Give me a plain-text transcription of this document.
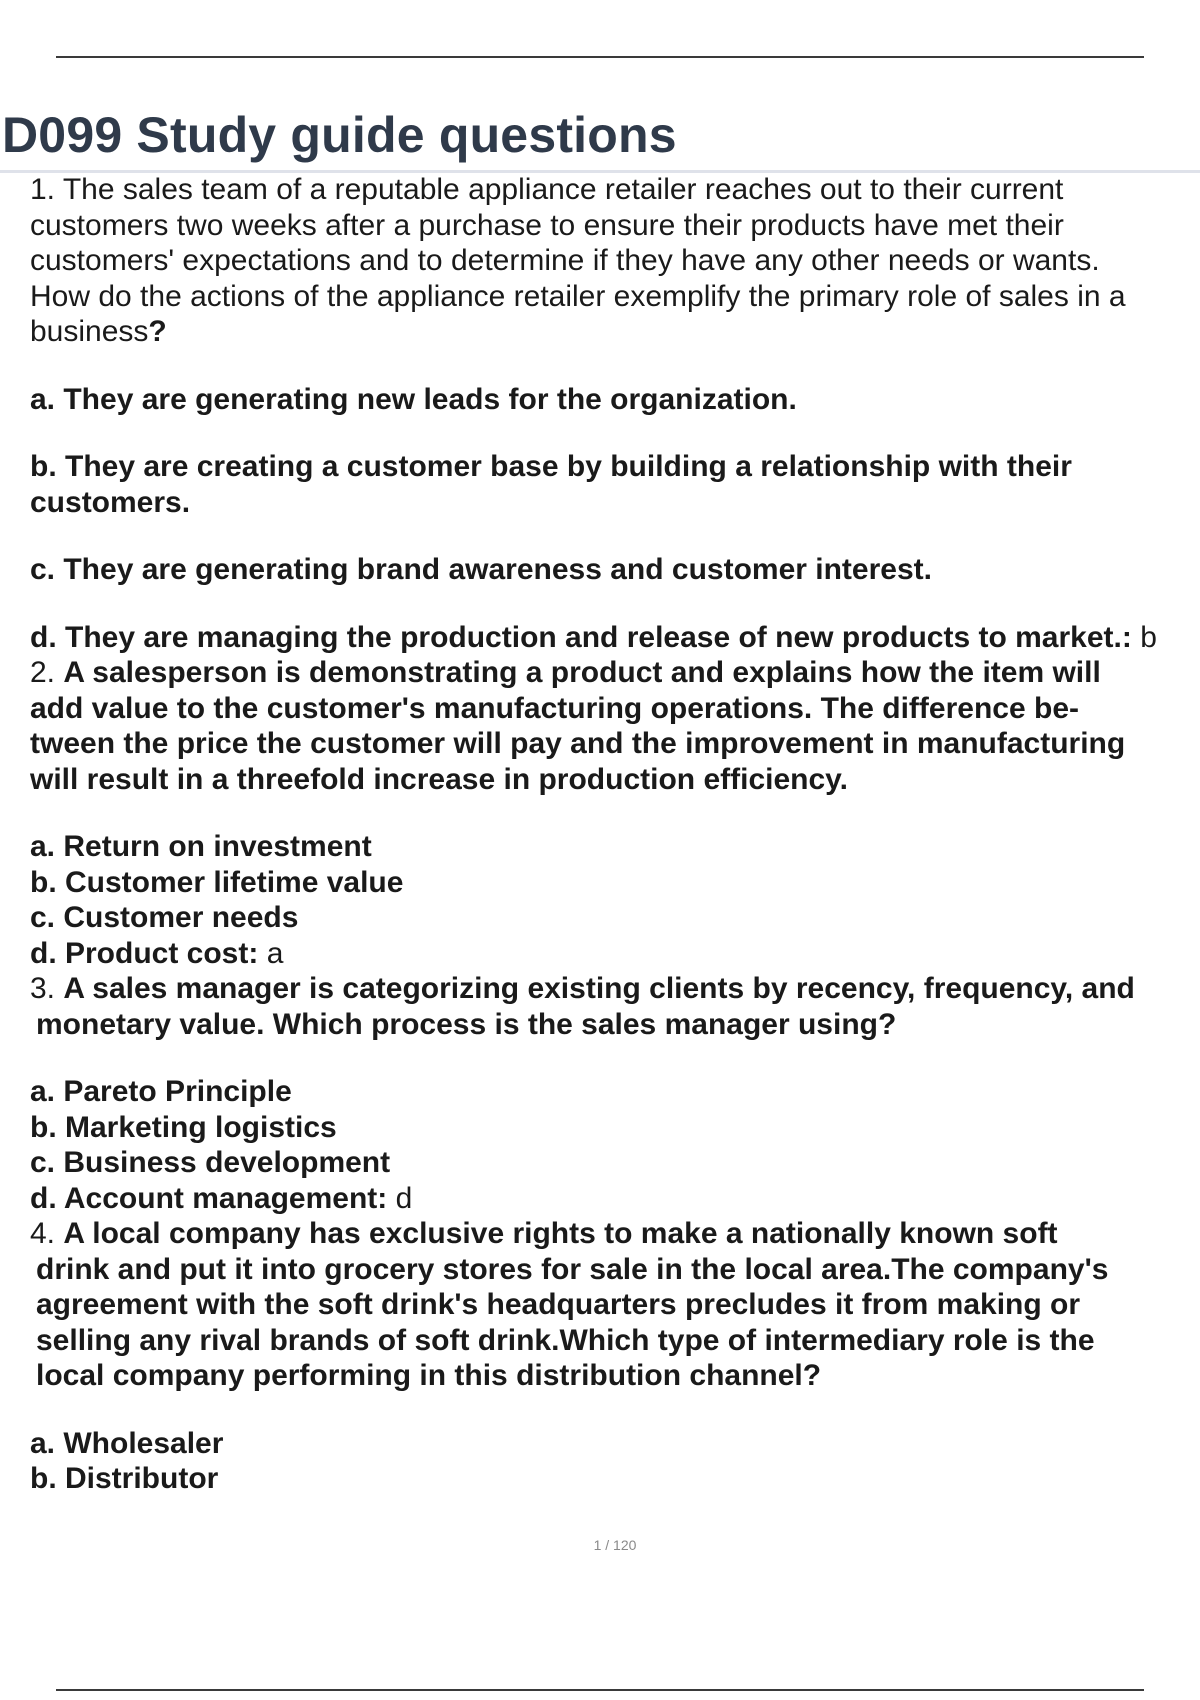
D099 Study guide questions

1. The sales team of a reputable appliance retailer reaches out to their current
customers two weeks after a purchase to ensure their products have met their
customers' expectations and to determine if they have any other needs or wants.
How do the actions of the appliance retailer exemplify the primary role of sales in a
business?

a. They are generating new leads for the organization.

b. They are creating a customer base by building a relationship with their
customers.

c. They are generating brand awareness and customer interest.

d. They are managing the production and release of new products to market.: b

2. A salesperson is demonstrating a product and explains how the item will
add value to the customer's manufacturing operations. The difference be-
tween the price the customer will pay and the improvement in manufacturing
will result in a threefold increase in production efficiency.

a. Return on investment

b. Customer lifetime value

c. Customer needs

d. Product cost: a

3. A sales manager is categorizing existing clients by recency, frequency, and
monetary value. Which process is the sales manager using?

a. Pareto Principle

b. Marketing logistics

c. Business development

d. Account management: d

4. A local company has exclusive rights to make a nationally known soft
drink and put it into grocery stores for sale in the local area.The company's
agreement with the soft drink's headquarters precludes it from making or
selling any rival brands of soft drink.Which type of intermediary role is the
local company performing in this distribution channel?

a. Wholesaler

b. Distributor

1 / 120
